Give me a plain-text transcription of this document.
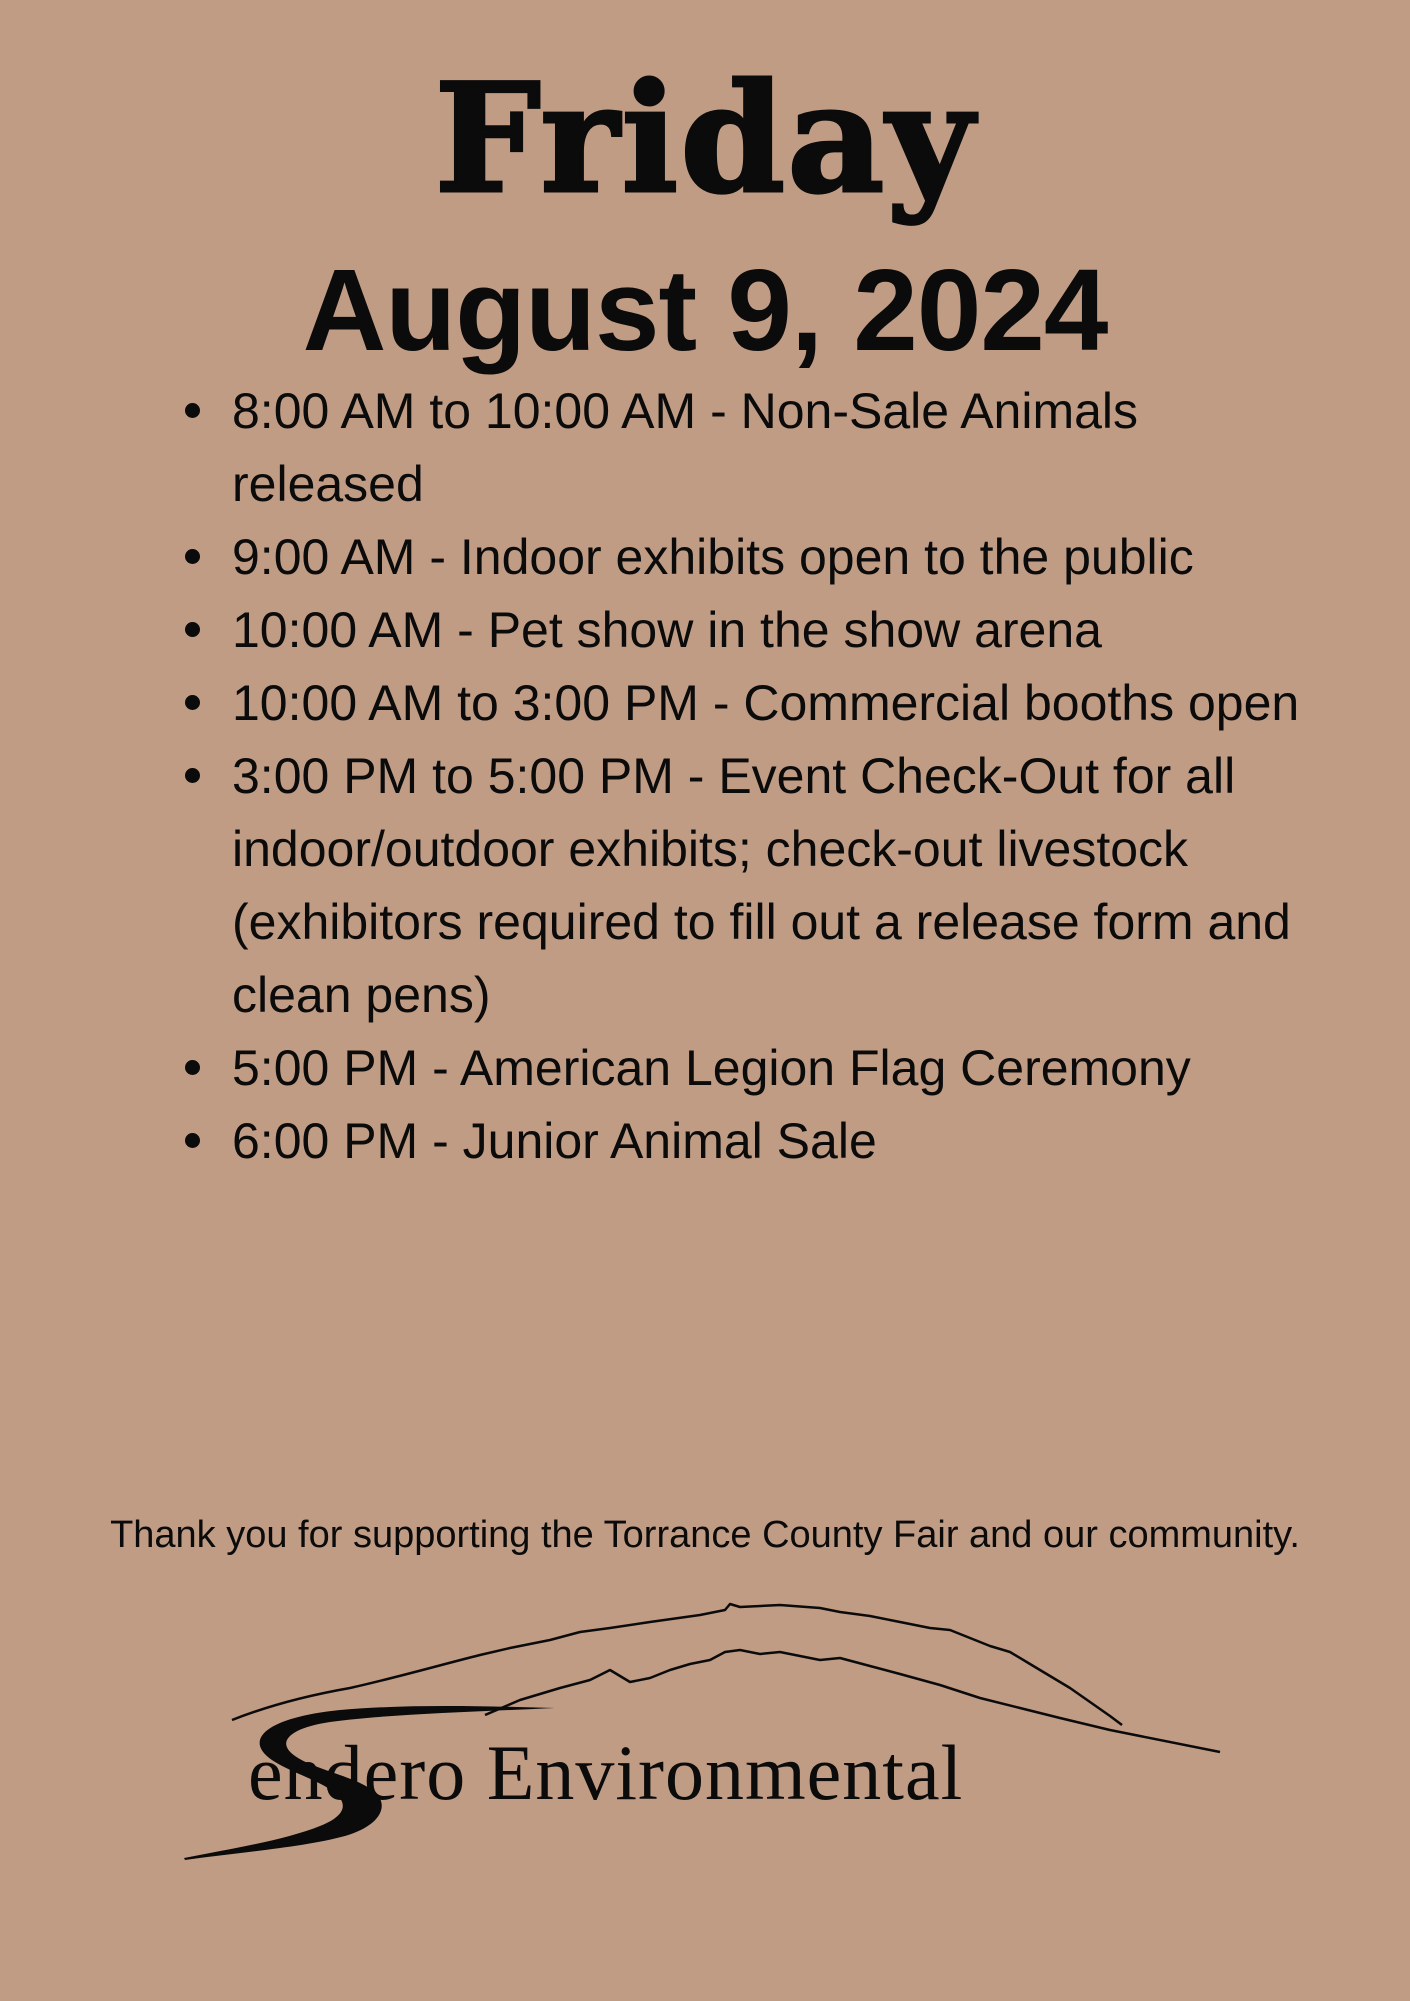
Friday
August 9, 2024
8:00 AM to 10:00 AM - Non-Sale Animals released
9:00 AM - Indoor exhibits open to the public
10:00 AM - Pet show in the show arena
10:00 AM to 3:00 PM - Commercial booths open
3:00 PM to 5:00 PM - Event Check-Out for all indoor/outdoor exhibits; check-out livestock (exhibitors required to fill out a release form and clean pens)
5:00 PM - American Legion Flag Ceremony
6:00 PM - Junior Animal Sale
Thank you for supporting the Torrance County Fair and our community.
endero Environmental
